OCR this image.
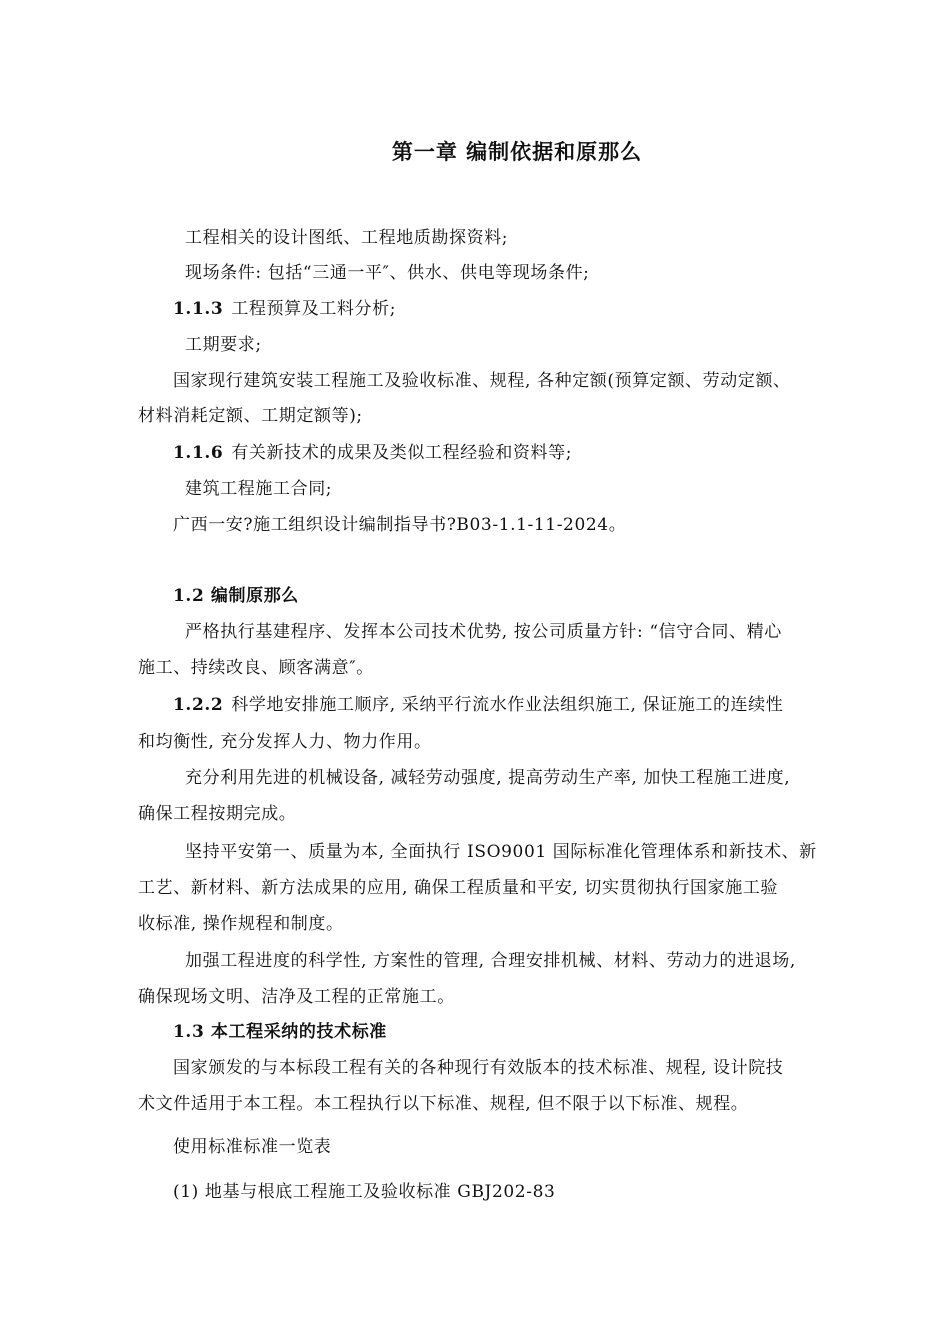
第一章 编制依据和原那么
工程相关的设计图纸、工程地质勘探资料;
现场条件: 包括“三通一平″、供水、供电等现场条件;
1.1.3 工程预算及工料分析;
工期要求;
国家现行建筑安装工程施工及验收标准、规程, 各种定额(预算定额、劳动定额、
材料消耗定额、工期定额等);
1.1.6 有关新技术的成果及类似工程经验和资料等;
建筑工程施工合同;
广西一安?施工组织设计编制指导书?B03-1.1-11-2024。
1.2 编制原那么
严格执行基建程序、发挥本公司技术优势, 按公司质量方针: “信守合同、精心
施工、持续改良、顾客满意″。
1.2.2 科学地安排施工顺序, 采纳平行流水作业法组织施工, 保证施工的连续性
和均衡性, 充分发挥人力、物力作用。
充分利用先进的机械设备, 减轻劳动强度, 提高劳动生产率, 加快工程施工进度,
确保工程按期完成。
坚持平安第一、质量为本, 全面执行 ISO9001 国际标准化管理体系和新技术、新
工艺、新材料、新方法成果的应用, 确保工程质量和平安, 切实贯彻执行国家施工验
收标准, 操作规程和制度。
加强工程进度的科学性, 方案性的管理, 合理安排机械、材料、劳动力的进退场,
确保现场文明、洁净及工程的正常施工。
1.3 本工程采纳的技术标准
国家颁发的与本标段工程有关的各种现行有效版本的技术标准、规程, 设计院技
术文件适用于本工程。本工程执行以下标准、规程, 但不限于以下标准、规程。
使用标准标准一览表
(1) 地基与根底工程施工及验收标准 GBJ202-83
